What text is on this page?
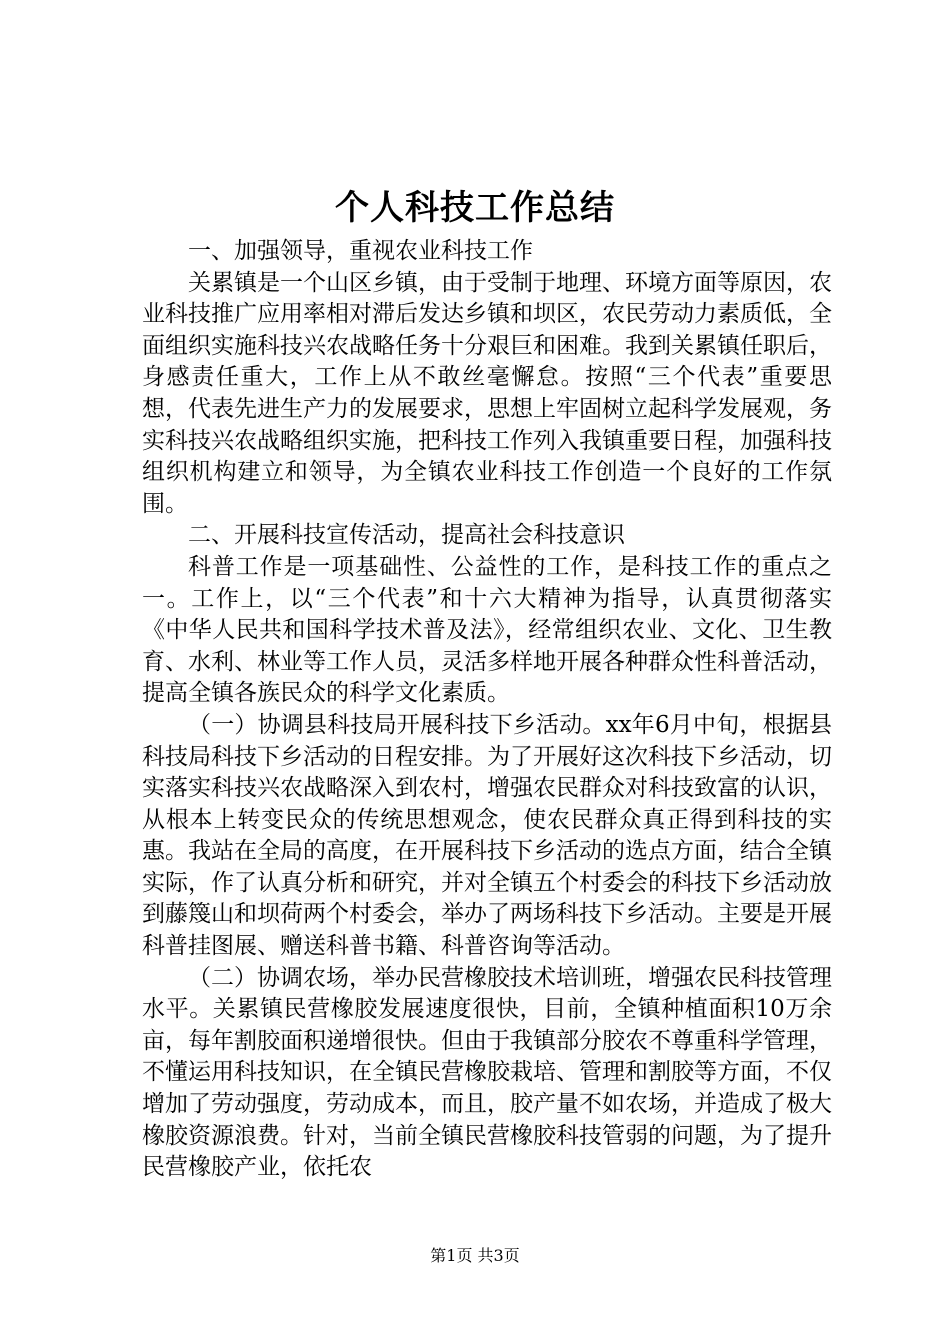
个人科技工作总结

一、加强领导，重视农业科技工作

关累镇是一个山区乡镇，由于受制于地理、环境方面等原因，农业科技推广应用率相对滞后发达乡镇和坝区，农民劳动力素质低，全面组织实施科技兴农战略任务十分艰巨和困难。我到关累镇任职后，身感责任重大，工作上从不敢丝毫懈怠。按照“三个代表”重要思想，代表先进生产力的发展要求，思想上牢固树立起科学发展观，务实科技兴农战略组织实施，把科技工作列入我镇重要日程，加强科技组织机构建立和领导，为全镇农业科技工作创造一个良好的工作氛围。

二、开展科技宣传活动，提高社会科技意识

科普工作是一项基础性、公益性的工作，是科技工作的重点之一。工作上，以“三个代表”和十六大精神为指导，认真贯彻落实《中华人民共和国科学技术普及法》，经常组织农业、文化、卫生教育、水利、林业等工作人员，灵活多样地开展各种群众性科普活动，提高全镇各族民众的科学文化素质。

（一）协调县科技局开展科技下乡活动。xx年6月中旬，根据县科技局科技下乡活动的日程安排。为了开展好这次科技下乡活动，切实落实科技兴农战略深入到农村，增强农民群众对科技致富的认识，从根本上转变民众的传统思想观念，使农民群众真正得到科技的实惠。我站在全局的高度，在开展科技下乡活动的选点方面，结合全镇实际，作了认真分析和研究，并对全镇五个村委会的科技下乡活动放到藤篾山和坝荷两个村委会，举办了两场科技下乡活动。主要是开展科普挂图展、赠送科普书籍、科普咨询等活动。

（二）协调农场，举办民营橡胶技术培训班，增强农民科技管理水平。关累镇民营橡胶发展速度很快，目前，全镇种植面积10万余亩，每年割胶面积递增很快。但由于我镇部分胶农不尊重科学管理，不懂运用科技知识，在全镇民营橡胶栽培、管理和割胶等方面，不仅增加了劳动强度，劳动成本，而且，胶产量不如农场，并造成了极大橡胶资源浪费。针对，当前全镇民营橡胶科技管弱的问题，为了提升民营橡胶产业，依托农

第1页 共3页
